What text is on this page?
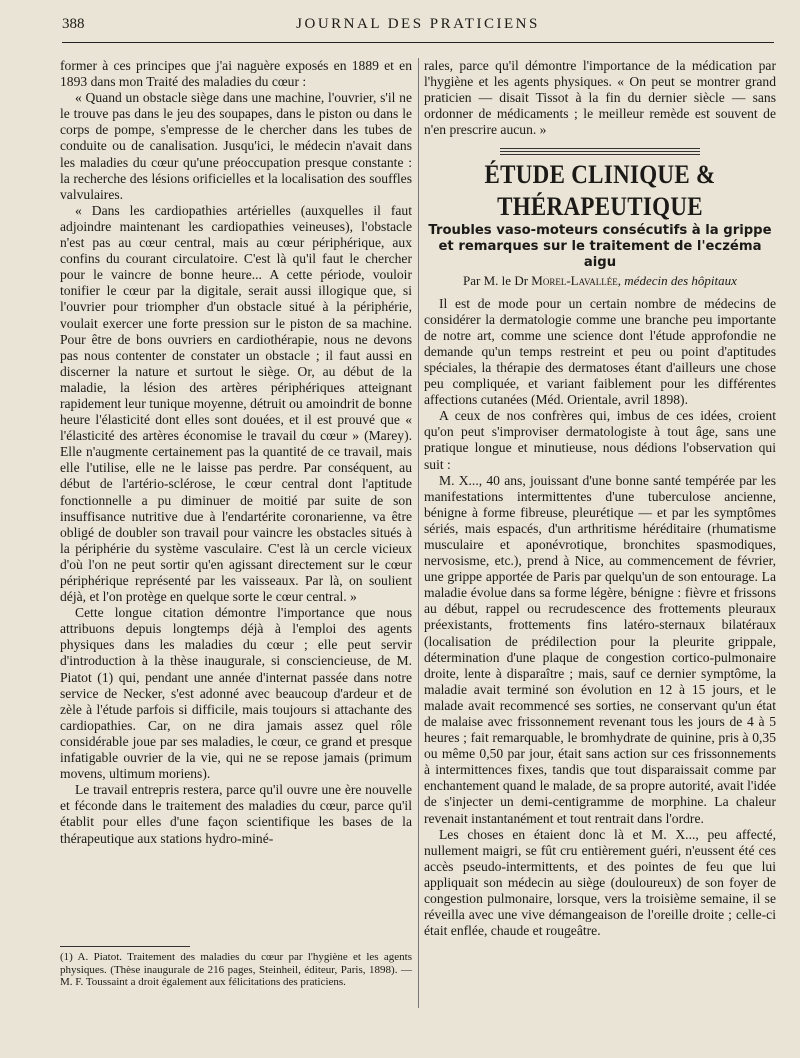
388	JOURNAL DES PRATICIENS

former à ces principes que j'ai naguère exposés en 1889 et en 1893 dans mon Traité des maladies du cœur :

« Quand un obstacle siège dans une machine, l'ouvrier, s'il ne le trouve pas dans le jeu des soupapes, dans le piston ou dans le corps de pompe, s'empresse de le chercher dans les tubes de conduite ou de canalisation. Jusqu'ici, le médecin n'avait dans les maladies du cœur qu'une préoccupation presque constante : la recherche des lésions orificielles et la localisation des souffles valvulaires.

« Dans les cardiopathies artérielles (auxquelles il faut adjoindre maintenant les cardiopathies veineuses), l'obstacle n'est pas au cœur central, mais au cœur périphérique, aux confins du courant circulatoire. C'est là qu'il faut le chercher pour le vaincre de bonne heure... A cette période, vouloir tonifier le cœur par la digitale, serait aussi illogique que, si l'ouvrier pour triompher d'un obstacle situé à la périphérie, voulait exercer une forte pression sur le piston de sa machine. Pour être de bons ouvriers en cardiothérapie, nous ne devons pas nous contenter de constater un obstacle ; il faut aussi en discerner la nature et surtout le siège. Or, au début de la maladie, la lésion des artères périphériques atteignant rapidement leur tunique moyenne, détruit ou amoindrit de bonne heure l'élasticité dont elles sont douées, et il est prouvé que « l'élasticité des artères économise le travail du cœur » (Marey). Elle n'augmente certainement pas la quantité de ce travail, mais elle l'utilise, elle ne le laisse pas perdre. Par conséquent, au début de l'artério-sclérose, le cœur central dont l'aptitude fonctionnelle a pu diminuer de moitié par suite de son insuffisance nutritive due à l'endartérite coronarienne, va être obligé de doubler son travail pour vaincre les obstacles situés à la périphérie du système vasculaire. C'est là un cercle vicieux d'où l'on ne peut sortir qu'en agissant directement sur le cœur périphérique représenté par les vaisseaux. Par là, on soulient déjà, et l'on protège en quelque sorte le cœur central. »

Cette longue citation démontre l'importance que nous attribuons depuis longtemps déjà à l'emploi des agents physiques dans les maladies du cœur ; elle peut servir d'introduction à la thèse inaugurale, si consciencieuse, de M. Piatot (1) qui, pendant une année d'internat passée dans notre service de Necker, s'est adonné avec beaucoup d'ardeur et de zèle à l'étude parfois si difficile, mais toujours si attachante des cardiopathies. Car, on ne dira jamais assez quel rôle considérable joue par ses maladies, le cœur, ce grand et presque infatigable ouvrier de la vie, qui ne se repose jamais (primum movens, ultimum moriens).

Le travail entrepris restera, parce qu'il ouvre une ère nouvelle et féconde dans le traitement des maladies du cœur, parce qu'il établit pour elles d'une façon scientifique les bases de la thérapeutique aux stations hydro-miné-

(1) A. Piatot. Traitement des maladies du cœur par l'hygiène et les agents physiques. (Thèse inaugurale de 216 pages, Steinheil, éditeur, Paris, 1898). — M. F. Toussaint a droit également aux félicitations des praticiens.

rales, parce qu'il démontre l'importance de la médication par l'hygiène et les agents physiques. « On peut se montrer grand praticien — disait Tissot à la fin du dernier siècle — sans ordonner de médicaments ; le meilleur remède est souvent de n'en prescrire aucun. »

ÉTUDE CLINIQUE & THÉRAPEUTIQUE
Troubles vaso-moteurs consécutifs à la grippe et remarques sur le traitement de l'eczéma aigu
Par M. le Dr Morel-Lavallée, médecin des hôpitaux

Il est de mode pour un certain nombre de médecins de considérer la dermatologie comme une branche peu importante de notre art, comme une science dont l'étude approfondie ne demande qu'un temps restreint et peu ou point d'aptitudes spéciales, la thérapie des dermatoses étant d'ailleurs une chose peu compliquée, et variant faiblement pour les différentes affections cutanées (Méd. Orientale, avril 1898).

A ceux de nos confrères qui, imbus de ces idées, croient qu'on peut s'improviser dermatologiste à tout âge, sans une pratique longue et minutieuse, nous dédions l'observation qui suit :

M. X..., 40 ans, jouissant d'une bonne santé tempérée par les manifestations intermittentes d'une tuberculose ancienne, bénigne à forme fibreuse, pleurétique — et par les symptômes sériés, mais espacés, d'un arthritisme héréditaire (rhumatisme musculaire et aponévrotique, bronchites spasmodiques, nervosisme, etc.), prend à Nice, au commencement de février, une grippe apportée de Paris par quelqu'un de son entourage. La maladie évolue dans sa forme légère, bénigne : fièvre et frissons au début, rappel ou recrudescence des frottements pleuraux préexistants, frottements fins latéro-sternaux bilatéraux (localisation de prédilection pour la pleurite grippale, détermination d'une plaque de congestion cortico-pulmonaire droite, lente à disparaître ; mais, sauf ce dernier symptôme, la maladie avait terminé son évolution en 12 à 15 jours, et le malade avait recommencé ses sorties, ne conservant qu'un état de malaise avec frissonnement revenant tous les jours de 4 à 5 heures ; fait remarquable, le bromhydrate de quinine, pris à 0,35 ou même 0,50 par jour, était sans action sur ces frissonnements à intermittences fixes, tandis que tout disparaissait comme par enchantement quand le malade, de sa propre autorité, avait l'idée de s'injecter un demi-centigramme de morphine. La chaleur revenait instantanément et tout rentrait dans l'ordre.

Les choses en étaient donc là et M. X..., peu affecté, nullement maigri, se fût cru entièrement guéri, n'eussent été ces accès pseudo-intermittents, et des pointes de feu que lui appliquait son médecin au siège (douloureux) de son foyer de congestion pulmonaire, lorsque, vers la troisième semaine, il se réveilla avec une vive démangeaison de l'oreille droite ; celle-ci était enflée, chaude et rougeâtre.
